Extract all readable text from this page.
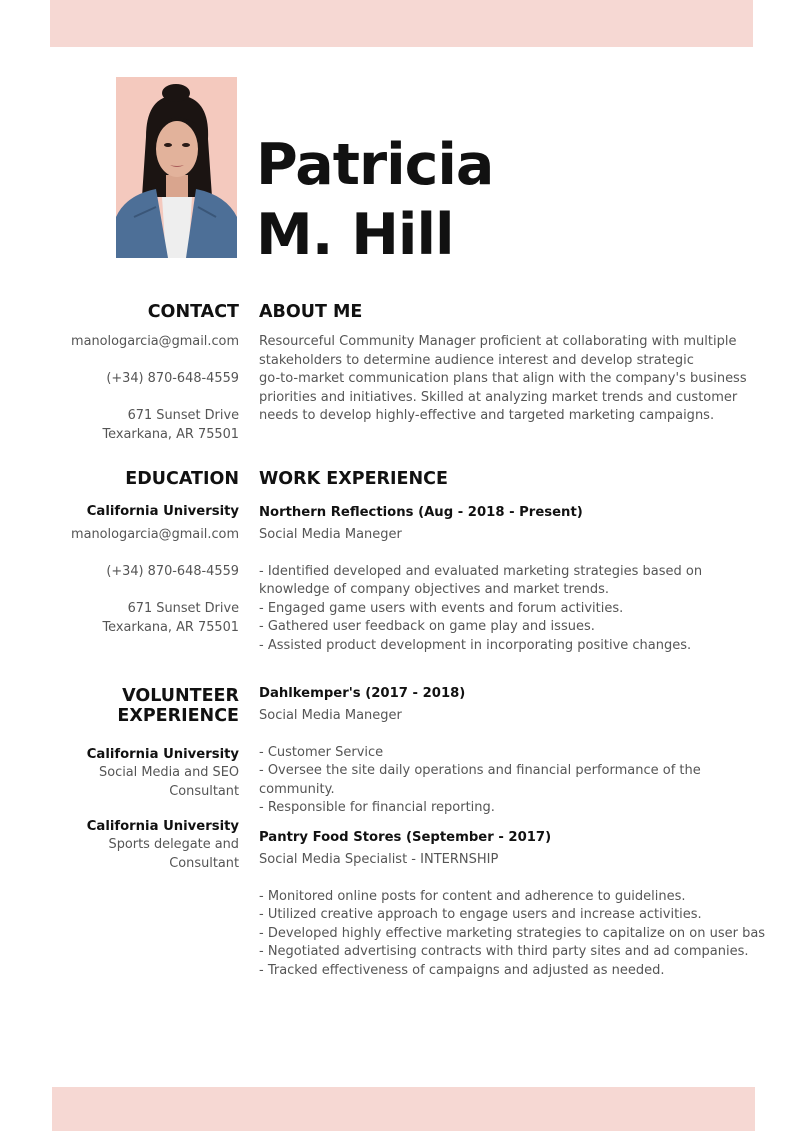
Patricia
M. Hill
CONTACT
manologarcia@gmail.com
(+34) 870-648-4559
671 Sunset Drive
Texarkana, AR 75501
ABOUT ME
Resourceful Community Manager proficient at collaborating with multiple
stakeholders to determine audience interest and develop strategic
go-to-market communication plans that align with the company's business
priorities and initiatives. Skilled at analyzing market trends and customer
needs to develop highly-effective and targeted marketing campaigns.
EDUCATION
California University
manologarcia@gmail.com
(+34) 870-648-4559
671 Sunset Drive
Texarkana, AR 75501
WORK EXPERIENCE
Northern Reflections (Aug - 2018 - Present)
Social Media Maneger
- Identified developed and evaluated marketing strategies based on
knowledge of company objectives and market trends.
- Engaged game users with events and forum activities.
- Gathered user feedback on game play and issues.
- Assisted product development in incorporating positive changes.
Dahlkemper's (2017 - 2018)
Social Media Maneger
- Customer Service
- Oversee the site daily operations and financial performance of the
community.
- Responsible for financial reporting.
Pantry Food Stores (September - 2017)
Social Media Specialist - INTERNSHIP
- Monitored online posts for content and adherence to guidelines.
- Utilized creative approach to engage users and increase activities.
- Developed highly effective marketing strategies to capitalize on on user bas
- Negotiated advertising contracts with third party sites and ad companies.
- Tracked effectiveness of campaigns and adjusted as needed.
VOLUNTEER
EXPERIENCE
California University
Social Media and SEO
Consultant
California University
Sports delegate and
Consultant
